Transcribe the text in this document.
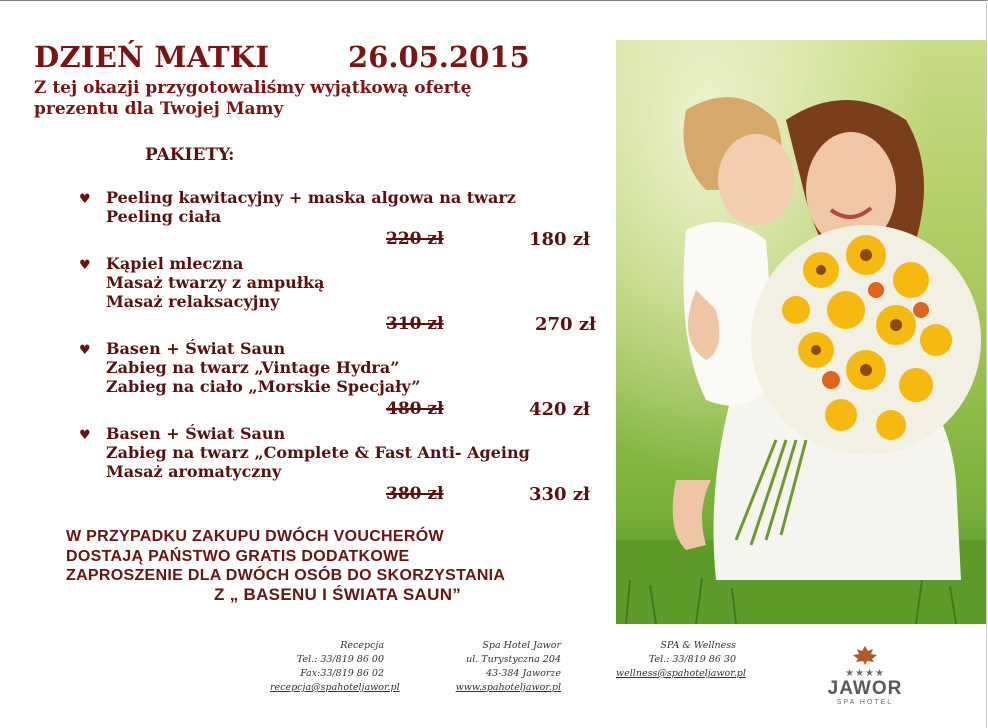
DZIEŃ MATKI	26.05.2015
Z tej okazji przygotowaliśmy wyjątkową ofertę
prezentu dla Twojej Mamy
PAKIETY:
♥ Peeling kawitacyjny + maska algowa na twarz
Peeling ciała
220 zł	180 zł
♥ Kąpiel mleczna
Masaż twarzy z ampułką
Masaż relaksacyjny
310 zł	270 zł
♥ Basen + Świat Saun
Zabieg na twarz „Vintage Hydra”
Zabieg na ciało „Morskie Specjały”
480 zł	420 zł
♥ Basen + Świat Saun
Zabieg na twarz „Complete & Fast Anti- Ageing
Masaż aromatyczny
380 zł	330 zł
W PRZYPADKU ZAKUPU DWÓCH VOUCHERÓW
DOSTAJĄ PAŃSTWO GRATIS DODATKOWE
ZAPROSZENIE DLA DWÓCH OSÓB DO SKORZYSTANIA
Z „ BASENU I ŚWIATA SAUN”
Recepcja
Tel.: 33/819 86 00
Fax:33/819 86 02
recepcja@spahoteljawor.pl
Spa Hotel Jawor
ul. Turystyczna 204
43-384 Jaworze
www.spahoteljawor.pl
SPA & Wellness
Tel.: 33/819 86 30
wellness@spahoteljawor.pl	★★★★
JAWOR
SPA HOTEL
